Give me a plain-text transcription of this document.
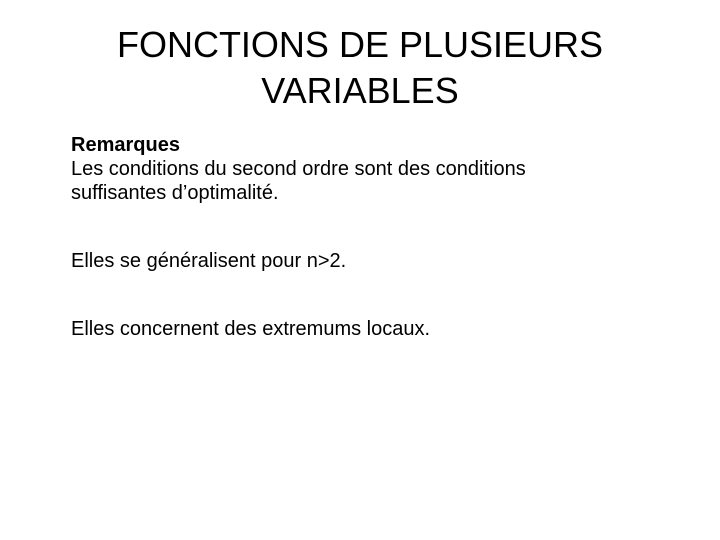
FONCTIONS DE PLUSIEURS
VARIABLES

Remarques

Les conditions du second ordre sont des conditions

suffisantes d’optimalité.

Elles se généralisent pour n>2.

Elles concernent des extremums locaux.
